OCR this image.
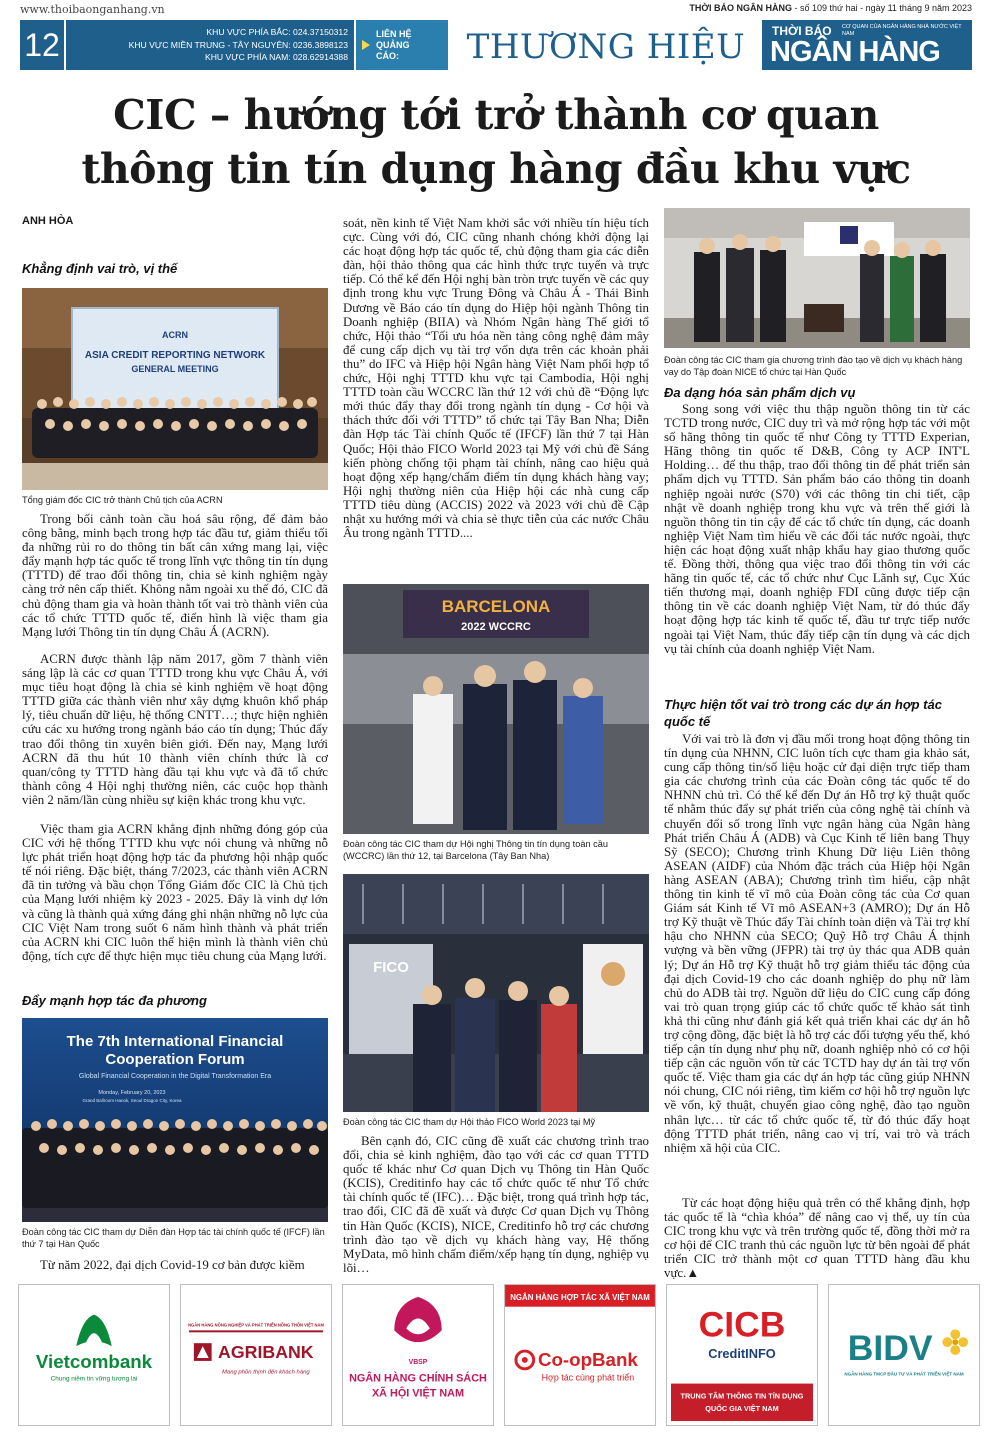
www.thoibaonganhang.vn	THỜI BÁO NGÂN HÀNG - số 109 thứ hai - ngày 11 tháng 9 năm 2023
12	KHU VỰC PHÍA BẮC: 024.37150312
KHU VỰC MIỀN TRUNG - TÂY NGUYÊN: 0236.3898123
KHU VỰC PHÍA NAM: 028.62914388
LIÊN HỆ
QUẢNG
CÁO:	THƯƠNG HIỆU	THỜI BÁO CƠ QUAN CỦA NGÂN HÀNG NHÀ NƯỚC VIỆT NAM
NGÂN HÀNG
CIC – hướng tới trở thành cơ quan
thông tin tín dụng hàng đầu khu vực
ANH HÒA
Khẳng định vai trò, vị thế
ASIA CREDIT REPORTING NETWORK
GENERAL MEETING
ACRN
Tổng giám đốc CIC trở thành Chủ tịch của ACRN
Trong bối cảnh toàn cầu hoá sâu rộng, để đảm bảo công bằng, minh bạch trong hợp tác đầu tư, giảm thiểu tối đa những rủi ro do thông tin bất cân xứng mang lại, việc đẩy mạnh hợp tác quốc tế trong lĩnh vực thông tin tín dụng (TTTD) để trao đổi thông tin, chia sẻ kinh nghiệm ngày càng trở nên cấp thiết. Không nằm ngoài xu thế đó, CIC đã chủ động tham gia và hoàn thành tốt vai trò thành viên của các tổ chức TTTD quốc tế, điển hình là việc tham gia Mạng lưới Thông tin tín dụng Châu Á (ACRN).
ACRN được thành lập năm 2017, gồm 7 thành viên sáng lập là các cơ quan TTTD trong khu vực Châu Á, với mục tiêu hoạt động là chia sẻ kinh nghiệm về hoạt động TTTD giữa các thành viên như xây dựng khuôn khổ pháp lý, tiêu chuẩn dữ liệu, hệ thống CNTT…; thực hiện nghiên cứu các xu hướng trong ngành báo cáo tín dụng; Thúc đẩy trao đổi thông tin xuyên biên giới. Đến nay, Mạng lưới ACRN đã thu hút 10 thành viên chính thức là cơ quan/công ty TTTD hàng đầu tại khu vực và đã tổ chức thành công 4 Hội nghị thường niên, các cuộc họp thành viên 2 năm/lần cùng nhiều sự kiện khác trong khu vực.
Việc tham gia ACRN khẳng định những đóng góp của CIC với hệ thống TTTD khu vực nói chung và những nỗ lực phát triển hoạt động hợp tác đa phương hội nhập quốc tế nói riêng. Đặc biệt, tháng 7/2023, các thành viên ACRN đã tin tưởng và bầu chọn Tổng Giám đốc CIC là Chủ tịch của Mạng lưới nhiệm kỳ 2023 - 2025. Đây là vinh dự lớn và cũng là thành quả xứng đáng ghi nhận những nỗ lực của CIC Việt Nam trong suốt 6 năm hình thành và phát triển của ACRN khi CIC luôn thể hiện mình là thành viên chủ động, tích cực để thực hiện mục tiêu chung của Mạng lưới.
Đẩy mạnh hợp tác đa phương
The 7th International Financial
Cooperation Forum
Global Financial Cooperation in the Digital Transformation Era
Monday, February 20, 2023
Grand Ballroom Hanok, Seoul Dragon City, Korea
Đoàn công tác CIC tham dự Diễn đàn Hợp tác tài chính quốc tế (IFCF) lần thứ 7 tại Hàn Quốc
Từ năm 2022, đại dịch Covid-19 cơ bản được kiềm
soát, nền kinh tế Việt Nam khởi sắc với nhiều tín hiệu tích cực. Cùng với đó, CIC cũng nhanh chóng khởi động lại các hoạt động hợp tác quốc tế, chủ động tham gia các diễn đàn, hội thảo thông qua các hình thức trực tuyến và trực tiếp. Có thể kể đến Hội nghị bàn tròn trực tuyến về các quy định trong khu vực Trung Đông và Châu Á - Thái Bình Dương về Báo cáo tín dụng do Hiệp hội ngành Thông tin Doanh nghiệp (BIIA) và Nhóm Ngân hàng Thế giới tổ chức, Hội thảo “Tối ưu hóa nền tảng công nghệ đảm mây để cung cấp dịch vụ tài trợ vốn dựa trên các khoản phải thu” do IFC và Hiệp hội Ngân hàng Việt Nam phối hợp tổ chức, Hội nghị TTTD khu vực tại Cambodia, Hội nghị TTTD toàn cầu WCCRC lần thứ 12 với chủ đề “Động lực mới thúc đẩy thay đổi trong ngành tín dụng - Cơ hội và thách thức đối với TTTD” tổ chức tại Tây Ban Nha; Diễn đàn Hợp tác Tài chính Quốc tế (IFCF) lần thứ 7 tại Hàn Quốc; Hội thảo FICO World 2023 tại Mỹ với chủ đề Sáng kiến phòng chống tội phạm tài chính, nâng cao hiệu quả hoạt động xếp hạng/chấm điểm tín dụng khách hàng vay; Hội nghị thường niên của Hiệp hội các nhà cung cấp TTTD tiêu dùng (ACCIS) 2022 và 2023 với chủ đề Cập nhật xu hướng mới và chia sẻ thực tiễn của các nước Châu Âu trong ngành TTTD....
BARCELONA
2022 WCCRC
Đoàn công tác CIC tham dự Hội nghị Thông tin tín dụng toàn cầu (WCCRC) lần thứ 12, tại Barcelona (Tây Ban Nha)
FICO
Đoàn công tác CIC tham dự Hội thảo FICO World 2023 tại Mỹ
Bên cạnh đó, CIC cũng đề xuất các chương trình trao đổi, chia sẻ kinh nghiệm, đào tạo với các cơ quan TTTD quốc tế khác như Cơ quan Dịch vụ Thông tin Hàn Quốc (KCIS), Creditinfo hay các tổ chức quốc tế như Tổ chức tài chính quốc tế (IFC)… Đặc biệt, trong quá trình hợp tác, trao đổi, CIC đã đề xuất và được Cơ quan Dịch vụ Thông tin Hàn Quốc (KCIS), NICE, Creditinfo hỗ trợ các chương trình đào tạo về dịch vụ khách hàng vay, Hệ thống MyData, mô hình chấm điểm/xếp hạng tín dụng, nghiệp vụ lõi…
Đoàn công tác CIC tham gia chương trình đào tạo về dịch vụ khách hàng vay do Tập đoàn NICE tổ chức tại Hàn Quốc
Đa dạng hóa sản phẩm dịch vụ
Song song với việc thu thập nguồn thông tin từ các TCTD trong nước, CIC duy trì và mở rộng hợp tác với một số hãng thông tin quốc tế như Công ty TTTD Experian, Hãng thông tin quốc tế D&B, Công ty ACP INT'L Holding… để thu thập, trao đổi thông tin để phát triển sản phẩm dịch vụ TTTD. Sản phẩm báo cáo thông tin doanh nghiệp ngoài nước (S70) với các thông tin chi tiết, cập nhật về doanh nghiệp trong khu vực và trên thế giới là nguồn thông tin tin cậy để các tổ chức tín dụng, các doanh nghiệp Việt Nam tìm hiểu về các đối tác nước ngoài, thực hiện các hoạt động xuất nhập khẩu hay giao thương quốc tế. Đồng thời, thông qua việc trao đổi thông tin với các hãng tin quốc tế, các tổ chức như Cục Lãnh sự, Cục Xúc tiến thương mại, doanh nghiệp FDI cũng được tiếp cận thông tin về các doanh nghiệp Việt Nam, từ đó thúc đẩy hoạt động hợp tác kinh tế quốc tế, đầu tư trực tiếp nước ngoài tại Việt Nam, thúc đẩy tiếp cận tín dụng và các dịch vụ tài chính của doanh nghiệp Việt Nam.
Thực hiện tốt vai trò trong các dự án hợp tác quốc tế
Với vai trò là đơn vị đầu mối trong hoạt động thông tin tín dụng của NHNN, CIC luôn tích cực tham gia khảo sát, cung cấp thông tin/số liệu hoặc cử đại diện trực tiếp tham gia các chương trình của các Đoàn công tác quốc tế do NHNN chủ trì. Có thể kể đến Dự án Hỗ trợ kỹ thuật quốc tế nhằm thúc đẩy sự phát triển của công nghệ tài chính và chuyển đổi số trong lĩnh vực ngân hàng của Ngân hàng Phát triển Châu Á (ADB) và Cục Kinh tế liên bang Thụy Sỹ (SECO); Chương trình Khung Dữ liệu Liên thông ASEAN (AIDF) của Nhóm đặc trách của Hiệp hội Ngân hàng ASEAN (ABA); Chương trình tìm hiểu, cập nhật thông tin kinh tế vĩ mô của Đoàn công tác của Cơ quan Giám sát Kinh tế Vĩ mô ASEAN+3 (AMRO); Dự án Hỗ trợ Kỹ thuật về Thúc đẩy Tài chính toàn diện và Tài trợ khí hậu cho NHNN của SECO; Quỹ Hỗ trợ Châu Á thịnh vượng và bền vững (JFPR) tài trợ ủy thác qua ADB quản lý; Dự án Hỗ trợ Kỹ thuật hỗ trợ giảm thiểu tác động của đại dịch Covid-19 cho các doanh nghiệp do phụ nữ làm chủ do ADB tài trợ. Nguồn dữ liệu do CIC cung cấp đóng vai trò quan trọng giúp các tổ chức quốc tế khảo sát tình khả thi cũng như đánh giá kết quả triển khai các dự án hỗ trợ cộng đồng, đặc biệt là hỗ trợ các đối tượng yếu thế, khó tiếp cận tín dụng như phụ nữ, doanh nghiệp nhỏ có cơ hội tiếp cận các nguồn vốn từ các TCTD hay dự án tài trợ vốn quốc tế. Việc tham gia các dự án hợp tác cũng giúp NHNN nói chung, CIC nói riêng, tìm kiếm cơ hội hỗ trợ nguồn lực về vốn, kỹ thuật, chuyển giao công nghệ, đào tạo nguồn nhân lực… từ các tổ chức quốc tế, từ đó thúc đẩy hoạt động TTTD phát triển, nâng cao vị trí, vai trò và trách nhiệm xã hội của CIC.
Từ các hoạt động hiệu quả trên có thể khẳng định, hợp tác quốc tế là “chìa khóa” để nâng cao vị thế, uy tín của CIC trong khu vực và trên trường quốc tế, đồng thời mở ra cơ hội để CIC tranh thủ các nguồn lực từ bên ngoài để phát triển CIC trở thành một cơ quan TTTD hàng đầu khu vực.▲
Vietcombank
Chung niềm tin vững tương lai
NGÂN HÀNG NÔNG NGHIỆP VÀ PHÁT TRIỂN NÔNG THÔN VIỆT NAM
AGRIBANK
Mang phồn thịnh đến khách hàng
VBSP
NGÂN HÀNG CHÍNH SÁCH
XÃ HỘI VIỆT NAM
NGÂN HÀNG HỢP TÁC XÃ VIỆT NAM
Co-opBank
Hợp tác cùng phát triển
CICB
CreditINFO
TRUNG TÂM THÔNG TIN TÍN DỤNG
QUỐC GIA VIỆT NAM
BIDV
NGÂN HÀNG TMCP ĐẦU TƯ VÀ PHÁT TRIỂN VIỆT NAM
